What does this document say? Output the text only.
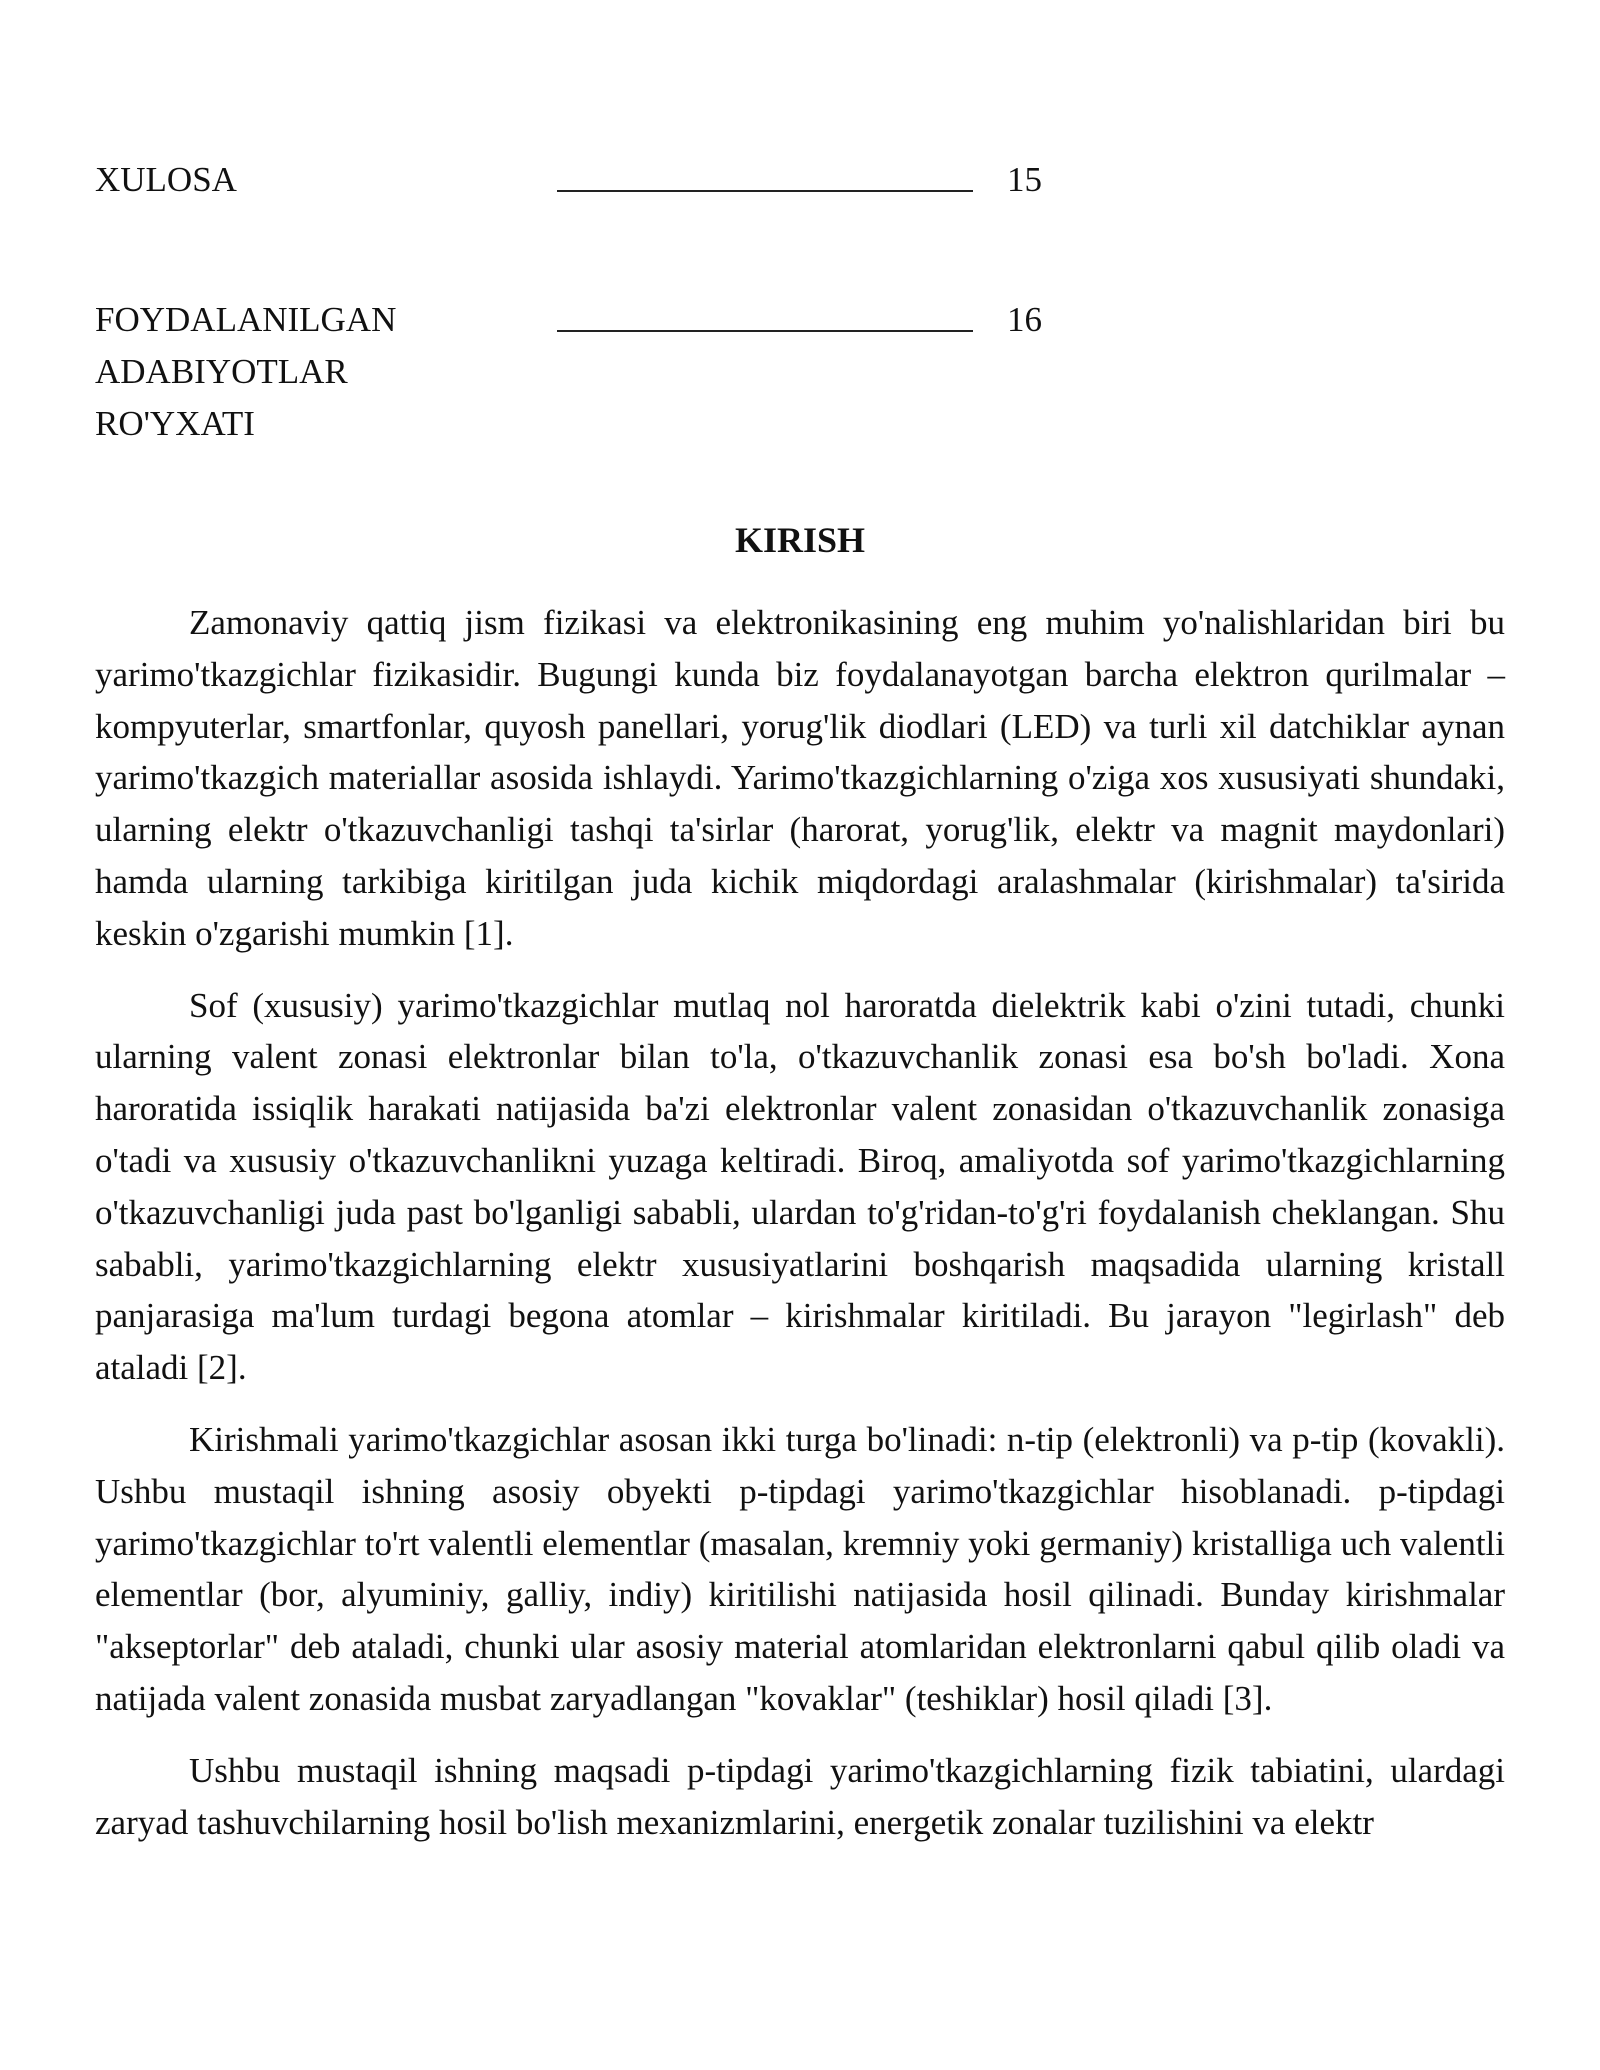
XULOSA	15
FOYDALANILGAN ADABIYOTLAR RO'YXATI
16
KIRISH

Zamonaviy qattiq jism fizikasi va elektronikasining eng muhim yo'nalishlaridan biri bu yarimo'tkazgichlar fizikasidir. Bugungi kunda biz foydalanayotgan barcha elektron qurilmalar – kompyuterlar, smartfonlar, quyosh panellari, yorug'lik diodlari (LED) va turli xil datchiklar aynan yarimo'tkazgich materiallar asosida ishlaydi. Yarimo'tkazgichlarning o'ziga xos xususiyati shundaki, ularning elektr o'tkazuvchanligi tashqi ta'sirlar (harorat, yorug'lik, elektr va magnit maydonlari) hamda ularning tarkibiga kiritilgan juda kichik miqdordagi aralashmalar (kirishmalar) ta'sirida keskin o'zgarishi mumkin [1].

Sof (xususiy) yarimo'tkazgichlar mutlaq nol haroratda dielektrik kabi o'zini tutadi, chunki ularning valent zonasi elektronlar bilan to'la, o'tkazuvchanlik zonasi esa bo'sh bo'ladi. Xona haroratida issiqlik harakati natijasida ba'zi elektronlar valent zonasidan o'tkazuvchanlik zonasiga o'tadi va xususiy o'tkazuvchanlikni yuzaga keltiradi. Biroq, amaliyotda sof yarimo'tkazgichlarning o'tkazuvchanligi juda past bo'lganligi sababli, ulardan to'g'ridan-to'g'ri foydalanish cheklangan. Shu sababli, yarimo'tkazgichlarning elektr xususiyatlarini boshqarish maqsadida ularning kristall panjarasiga ma'lum turdagi begona atomlar – kirishmalar kiritiladi. Bu jarayon "legirlash" deb ataladi [2].

Kirishmali yarimo'tkazgichlar asosan ikki turga bo'linadi: n-tip (elektronli) va p-tip (kovakli). Ushbu mustaqil ishning asosiy obyekti p-tipdagi yarimo'tkazgichlar hisoblanadi. p-tipdagi yarimo'tkazgichlar to'rt valentli elementlar (masalan, kremniy yoki germaniy) kristalliga uch valentli elementlar (bor, alyuminiy, galliy, indiy) kiritilishi natijasida hosil qilinadi. Bunday kirishmalar "akseptorlar" deb ataladi, chunki ular asosiy material atomlaridan elektronlarni qabul qilib oladi va natijada valent zonasida musbat zaryadlangan "kovaklar" (teshiklar) hosil qiladi [3].

Ushbu mustaqil ishning maqsadi p-tipdagi yarimo'tkazgichlarning fizik tabiatini, ulardagi zaryad tashuvchilarning hosil bo'lish mexanizmlarini, energetik zonalar tuzilishini va elektr
